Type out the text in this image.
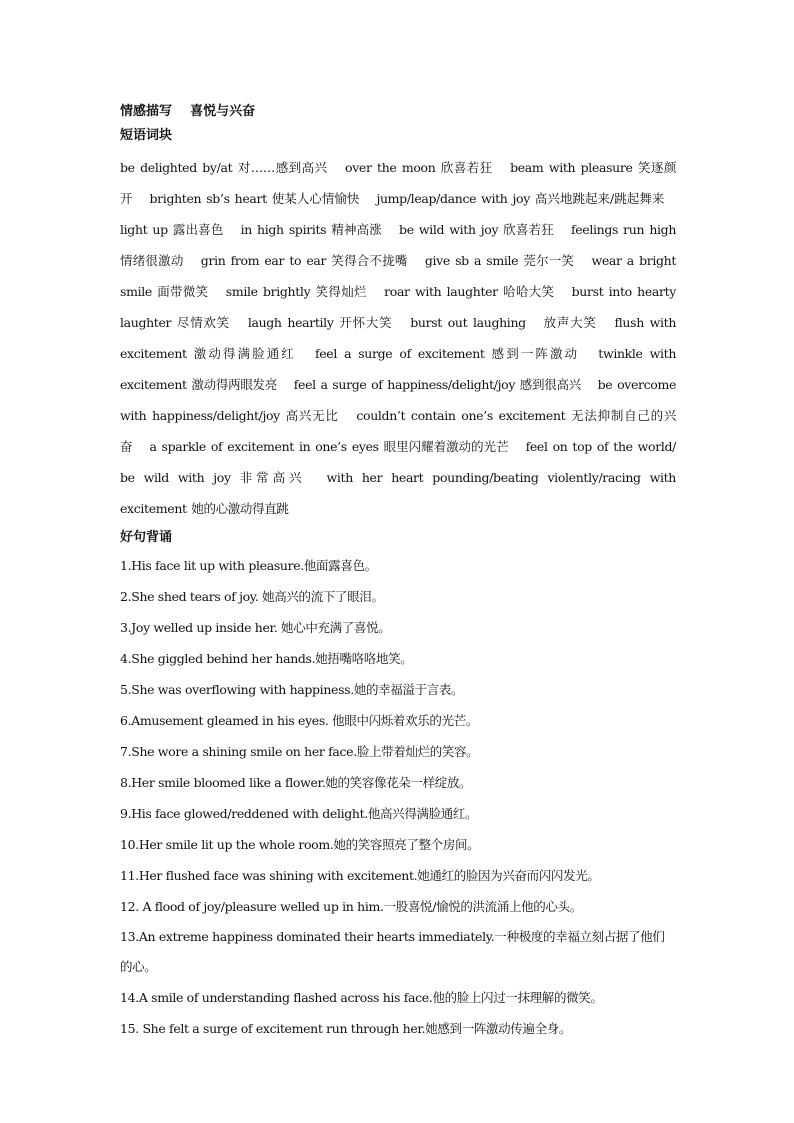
情感描写    喜悦与兴奋
短语词块
be delighted by/at 对……感到高兴 over the moon 欣喜若狂 beam with pleasure 笑逐颜开 brighten sb’s heart 使某人心情愉快 jump/leap/dance with joy 高兴地跳起来/跳起舞来 light up 露出喜色 in high spirits 精神高涨 be wild with joy 欣喜若狂 feelings run high 情绪很激动 grin from ear to ear 笑得合不拢嘴 give sb a smile 莞尔一笑 wear a bright smile 面带微笑 smile brightly 笑得灿烂 roar with laughter 哈哈大笑 burst into hearty laughter 尽情欢笑 laugh heartily 开怀大笑 burst out laughing 放声大笑 flush with excitement 激动得满脸通红 feel a surge of excitement 感到一阵激动 twinkle with excitement 激动得两眼发亮 feel a surge of happiness/delight/joy 感到很高兴 be overcome with happiness/delight/joy 高兴无比 couldn’t contain one’s excitement 无法抑制自己的兴奋 a sparkle of excitement in one’s eyes 眼里闪耀着激动的光芒 feel on top of the world/ be wild with joy 非常高兴 with her heart pounding/beating violently/racing with excitement 她的心激动得直跳
好句背诵
1.His face lit up with pleasure.他面露喜色。
2.She shed tears of joy. 她高兴的流下了眼泪。
3.Joy welled up inside her. 她心中充满了喜悦。
4.She giggled behind her hands.她捂嘴咯咯地笑。
5.She was overflowing with happiness.她的幸福溢于言表。
6.Amusement gleamed in his eyes. 他眼中闪烁着欢乐的光芒。
7.She wore a shining smile on her face.脸上带着灿烂的笑容。
8.Her smile bloomed like a flower.她的笑容像花朵一样绽放。
9.His face glowed/reddened with delight.他高兴得满脸通红。
10.Her smile lit up the whole room.她的笑容照亮了整个房间。
11.Her flushed face was shining with excitement.她通红的脸因为兴奋而闪闪发光。
12. A flood of joy/pleasure welled up in him.一股喜悦/愉悦的洪流涌上他的心头。
13.An extreme happiness dominated their hearts immediately.一种极度的幸福立刻占据了他们的心。
14.A smile of understanding flashed across his face.他的脸上闪过一抹理解的微笑。
15. She felt a surge of excitement run through her.她感到一阵激动传遍全身。
